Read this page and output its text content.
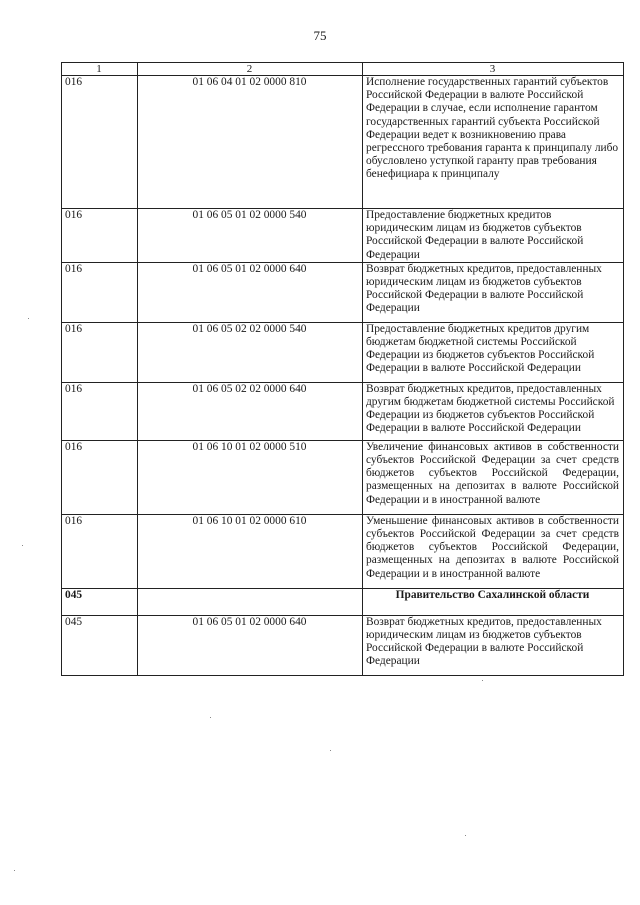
75
1	2	3
016	01 06 04 01 02 0000 810	Исполнение государственных гарантий субъектов Российской Федерации в валюте Российской Федерации в случае, если исполнение гарантом государственных гарантий субъекта Российской Федерации ведет к возникновению права регрессного требования гаранта к принципалу либо обусловлено уступкой гаранту прав требования бенефициара к принципалу
016	01 06 05 01 02 0000 540	Предоставление бюджетных кредитов юридическим лицам из бюджетов субъектов Российской Федерации в валюте Российской Федерации
016	01 06 05 01 02 0000 640	Возврат бюджетных кредитов, предоставленных юридическим лицам из бюджетов субъектов Российской Федерации в валюте Российской Федерации
016	01 06 05 02 02 0000 540	Предоставление бюджетных кредитов другим бюджетам бюджетной системы Российской Федерации из бюджетов субъектов Российской Федерации в валюте Российской Федерации
016	01 06 05 02 02 0000 640	Возврат бюджетных кредитов, предоставленных другим бюджетам бюджетной системы Российской Федерации из бюджетов субъектов Российской Федерации в валюте Российской Федерации
016	01 06 10 01 02 0000 510	Увеличение финансовых активов в собственности субъектов Российской Федерации за счет средств бюджетов субъектов Российской Федерации, размещенных на депозитах в валюте Российской Федерации и в иностранной валюте
016	01 06 10 01 02 0000 610	Уменьшение финансовых активов в собственности субъектов Российской Федерации за счет средств бюджетов субъектов Российской Федерации, размещенных на депозитах в валюте Российской Федерации и в иностранной валюте
045		Правительство Сахалинской области
045	01 06 05 01 02 0000 640	Возврат бюджетных кредитов, предоставленных юридическим лицам из бюджетов субъектов Российской Федерации в валюте Российской Федерации
